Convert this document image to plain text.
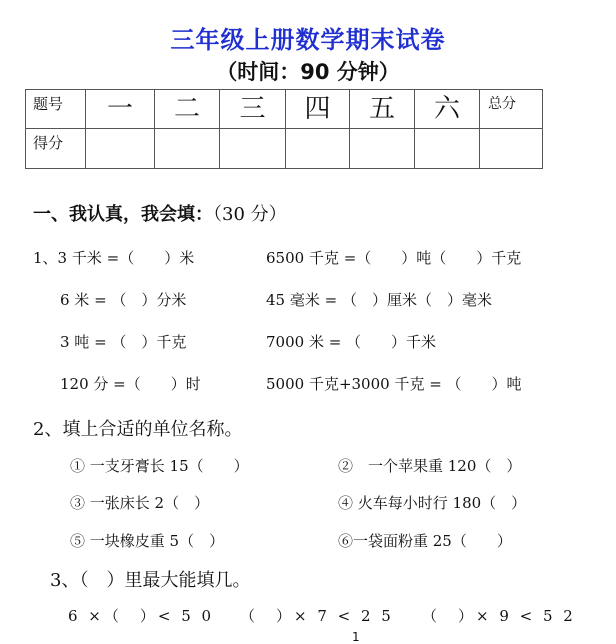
三年级上册数学期末试卷
（时间：90 分钟）
题号	一	二	三	四	五	六	总分
得分							
一、我认真，我会填：（30 分）
1、3 千米 =（　　）米	6500 千克 =（　　）吨（　　）千克
6 米 = （　）分米	45 毫米 = （　）厘米（　）毫米
3 吨 = （　）千克	7000 米 = （　　）千米
120 分 =（　　）时	5000 千克+3000 千克 = （　　）吨
2、填上合适的单位名称。
① 一支牙膏长 15（　　）	②　一个苹果重 120（　）
③ 一张床长 2（　）	④ 火车每小时行 180（　）
⑤ 一块橡皮重 5（　）	⑥一袋面粉重 25（　　）
3、（　）里最大能填几。
6 ×（　）< 5 0 （　）× 7 < 2 5 （　）× 9 < 5 2
1
